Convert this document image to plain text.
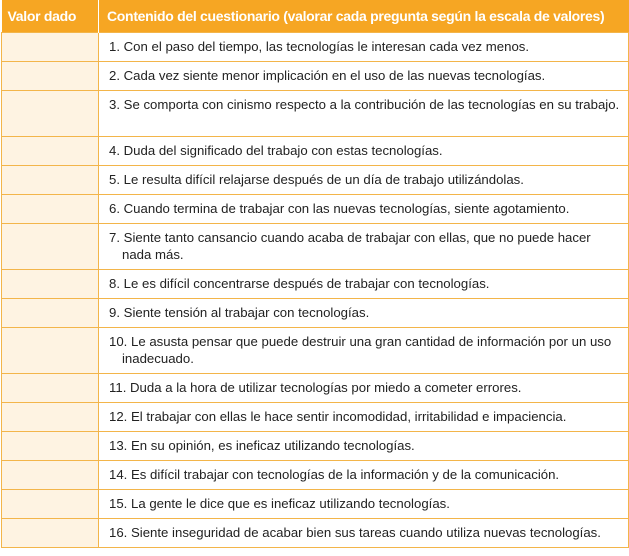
Valor dado	Contenido del cuestionario (valorar cada pregunta según la escala de valores)

	1. Con el paso del tiempo, las tecnologías le interesan cada vez menos.

	2. Cada vez siente menor implicación en el uso de las nuevas tecnologías.

	3. Se comporta con cinismo respecto a la contribución de las tecnologías en su trabajo.

	4. Duda del significado del trabajo con estas tecnologías.

	5. Le resulta difícil relajarse después de un día de trabajo utilizándolas.

	6. Cuando termina de trabajar con las nuevas tecnologías, siente agotamiento.

	7. Siente tanto cansancio cuando acaba de trabajar con ellas, que no puede hacer nada más.

	8. Le es difícil concentrarse después de trabajar con tecnologías.

	9. Siente tensión al trabajar con tecnologías.

	10. Le asusta pensar que puede destruir una gran cantidad de información por un uso inadecuado.

	11. Duda a la hora de utilizar tecnologías por miedo a cometer errores.

	12. El trabajar con ellas le hace sentir incomodidad, irritabilidad e impaciencia.

	13. En su opinión, es ineficaz utilizando tecnologías.

	14. Es difícil trabajar con tecnologías de la información y de la comunicación.

	15. La gente le dice que es ineficaz utilizando tecnologías.

	16. Siente inseguridad de acabar bien sus tareas cuando utiliza nuevas tecnologías.
